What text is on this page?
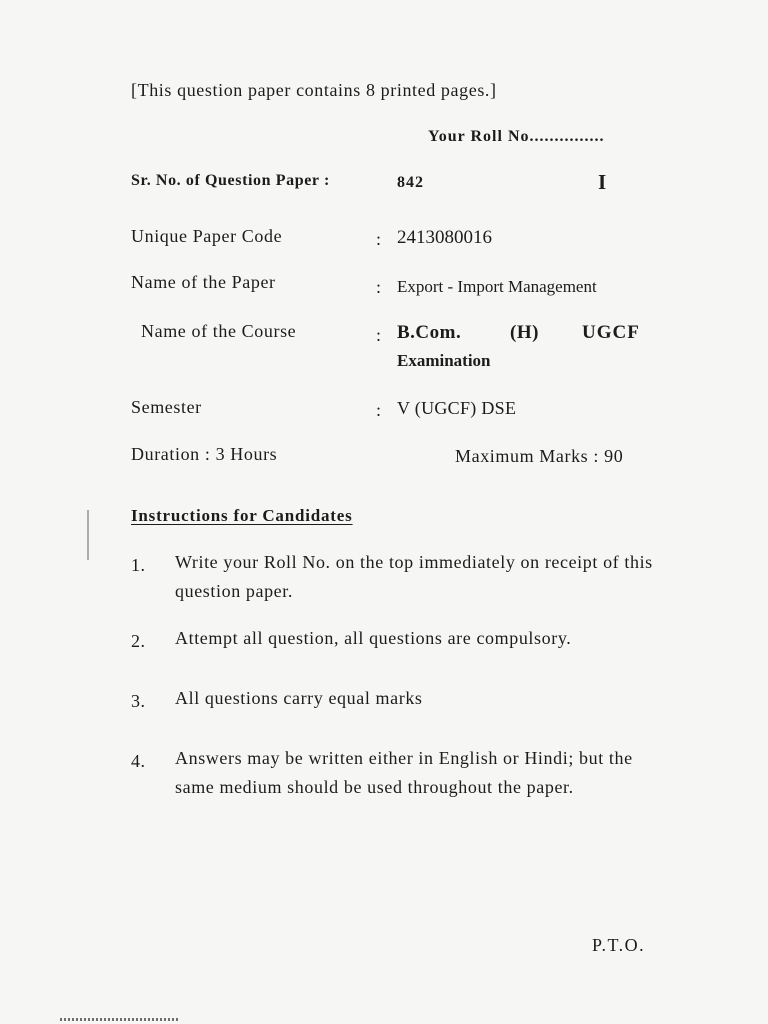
[This question paper contains 8 printed pages.]
Your Roll No...............
Sr. No. of Question Paper :	842	I
Unique Paper Code	: 2413080016
Name of the Paper	: Export - Import Management
Name of the Course	: B.Com.	(H) UGCF
Examination
Semester	: V (UGCF) DSE
Duration : 3 Hours	Maximum Marks : 90
Instructions for Candidates
1. Write your Roll No. on the top immediately on receipt of this question paper.
2. Attempt all question, all questions are compulsory.
3. All questions carry equal marks
4. Answers may be written either in English or Hindi; but the same medium should be used throughout the paper.
P.T.O.
